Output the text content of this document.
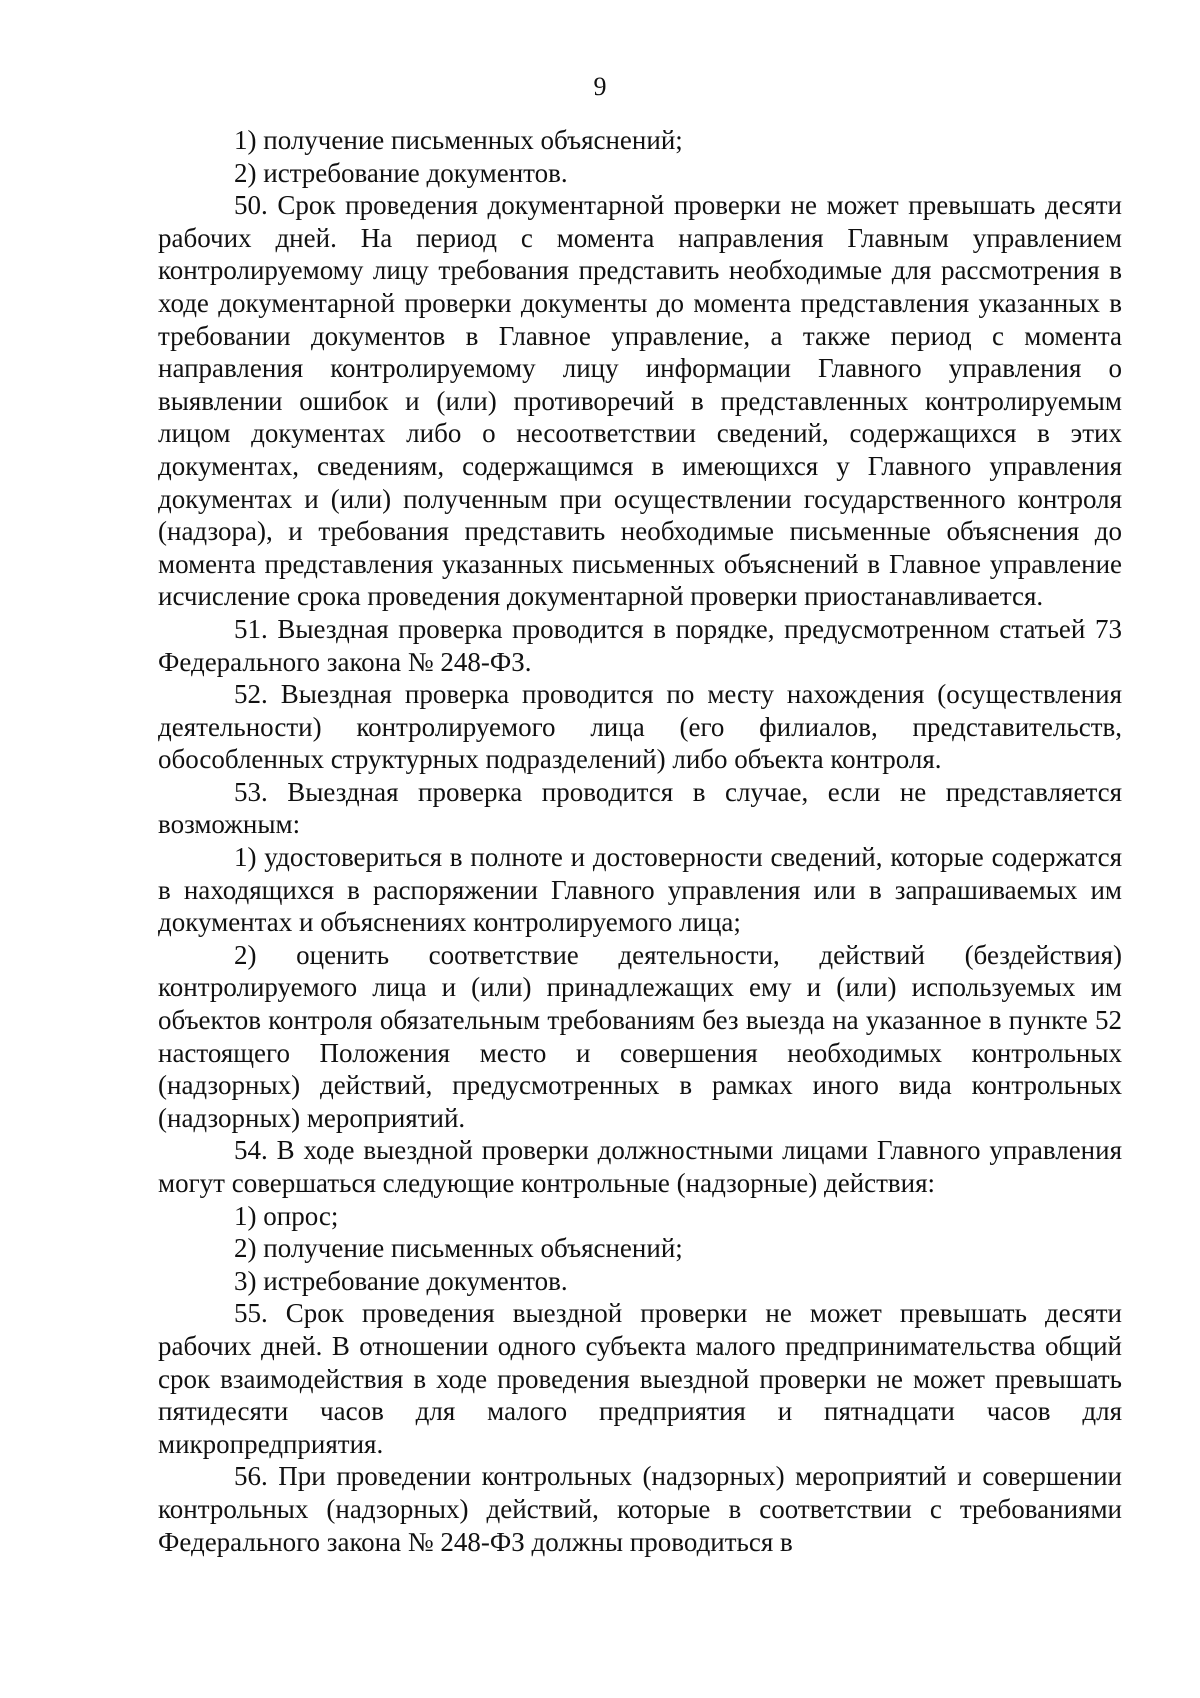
9

1) получение письменных объяснений;

2) истребование документов.

50. Срок проведения документарной проверки не может превышать десяти рабочих дней. На период с момента направления Главным управлением контролируемому лицу требования представить необходимые для рассмотрения в ходе документарной проверки документы до момента представления указанных в требовании документов в Главное управление, а также период с момента направления контролируемому лицу информации Главного управления о выявлении ошибок и (или) противоречий в представленных контролируемым лицом документах либо о несоответствии сведений, содержащихся в этих документах, сведениям, содержащимся в имеющихся у Главного управления документах и (или) полученным при осуществлении государственного контроля (надзора), и требования представить необходимые письменные объяснения до момента представления указанных письменных объяснений в Главное управление исчисление срока проведения документарной проверки приостанавливается.

51. Выездная проверка проводится в порядке, предусмотренном статьей 73 Федерального закона № 248-ФЗ.

52. Выездная проверка проводится по месту нахождения (осуществления деятельности) контролируемого лица (его филиалов, представительств, обособленных структурных подразделений) либо объекта контроля.

53. Выездная проверка проводится в случае, если не представляется возможным:

1) удостовериться в полноте и достоверности сведений, которые содержатся в находящихся в распоряжении Главного управления или в запрашиваемых им документах и объяснениях контролируемого лица;

2) оценить соответствие деятельности, действий (бездействия) контролируемого лица и (или) принадлежащих ему и (или) используемых им объектов контроля обязательным требованиям без выезда на указанное в пункте 52 настоящего Положения место и совершения необходимых контрольных (надзорных) действий, предусмотренных в рамках иного вида контрольных (надзорных) мероприятий.

54. В ходе выездной проверки должностными лицами Главного управления могут совершаться следующие контрольные (надзорные) действия:

1) опрос;

2) получение письменных объяснений;

3) истребование документов.

55. Срок проведения выездной проверки не может превышать десяти рабочих дней. В отношении одного субъекта малого предпринимательства общий срок взаимодействия в ходе проведения выездной проверки не может превышать пятидесяти часов для малого предприятия и пятнадцати часов для микропредприятия.

56. При проведении контрольных (надзорных) мероприятий и совершении контрольных (надзорных) действий, которые в соответствии с требованиями Федерального закона № 248-ФЗ должны проводиться в
